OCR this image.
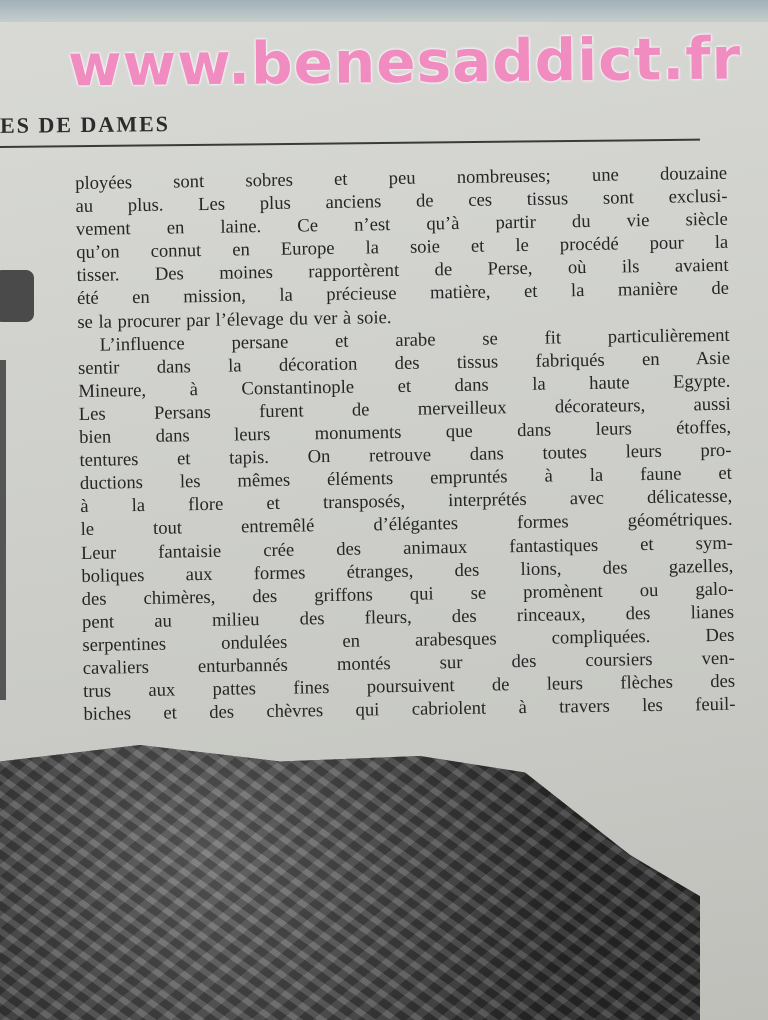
www.benesaddict.fr
ES DE DAMES
ployées sont sobres et peu nombreuses; une douzaine
au plus. Les plus anciens de ces tissus sont exclusi-
vement en laine. Ce n’est qu’à partir du vie siècle
qu’on connut en Europe la soie et le procédé pour la
tisser. Des moines rapportèrent de Perse, où ils avaient
été en mission, la précieuse matière, et la manière de
se la procurer par l’élevage du ver à soie.
L’influence persane et arabe se fit particulièrement
sentir dans la décoration des tissus fabriqués en Asie
Mineure, à Constantinople et dans la haute Egypte.
Les Persans furent de merveilleux décorateurs, aussi
bien dans leurs monuments que dans leurs étoffes,
tentures et tapis. On retrouve dans toutes leurs pro-
ductions les mêmes éléments empruntés à la faune et
à la flore et transposés, interprétés avec délicatesse,
le tout entremêlé d’élégantes formes géométriques.
Leur fantaisie crée des animaux fantastiques et sym-
boliques aux formes étranges, des lions, des gazelles,
des chimères, des griffons qui se promènent ou galo-
pent au milieu des fleurs, des rinceaux, des lianes
serpentines ondulées en arabesques compliquées. Des
cavaliers enturbannés montés sur des coursiers ven-
trus aux pattes fines poursuivent de leurs flèches des
biches et des chèvres qui cabriolent à travers les feuil-
